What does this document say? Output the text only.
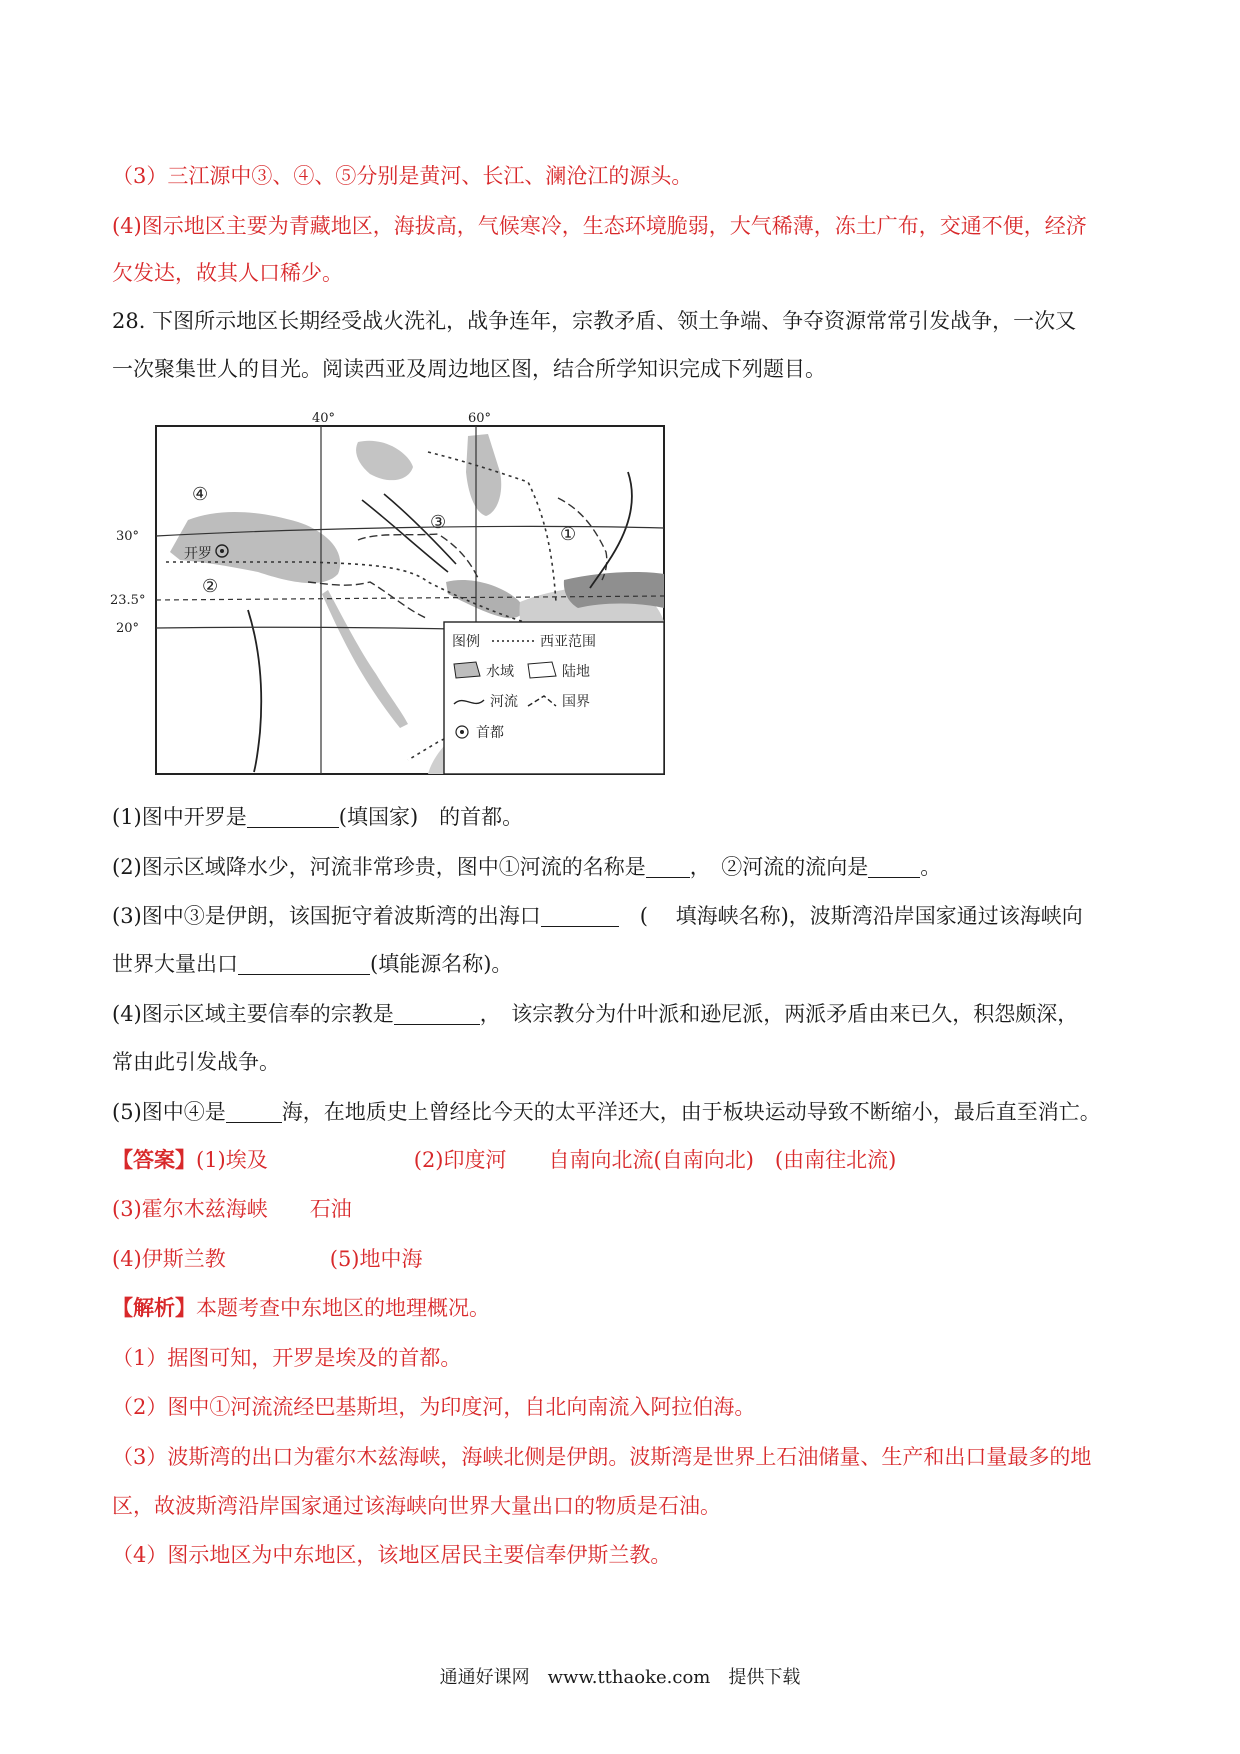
（3）三江源中③、④、⑤分别是黄河、长江、澜沧江的源头。
(4)图示地区主要为青藏地区，海拔高，气候寒冷，生态环境脆弱，大气稀薄，冻土广布，交通不便，经济
欠发达，故其人口稀少。
28. 下图所示地区长期经受战火洗礼，战争连年，宗教矛盾、领土争端、争夺资源常常引发战争，一次又
一次聚集世人的目光。阅读西亚及周边地区图，结合所学知识完成下列题目。
40°	60°
30°
23.5°
20°
开罗
①
②
③
④
图例	西亚范围
水域	陆地
河流	国界
首都
(1)图中开罗是	(填国家)　的首都。
(2)图示区域降水少，河流非常珍贵，图中①河流的名称是 ，　②河流的流向是 。
(3)图中③是伊朗，该国扼守着波斯湾的出海口	　(　 填海峡名称)，波斯湾沿岸国家通过该海峡向
世界大量出口	(填能源名称)。
(4)图示区域主要信奉的宗教是	，　该宗教分为什叶派和逊尼派，两派矛盾由来已久，积怨颇深，
常由此引发战争。
(5)图中④是	海，在地质史上曾经比今天的太平洋还大，由于板块运动导致不断缩小，最后直至消亡。
【答案】(1)埃及	(2)印度河　　自南向北流(自南向北)　(由南往北流)
(3)霍尔木兹海峡　　石油
(4)伊斯兰教	(5)地中海
【解析】本题考查中东地区的地理概况。
（1）据图可知，开罗是埃及的首都。
（2）图中①河流流经巴基斯坦，为印度河，自北向南流入阿拉伯海。
（3）波斯湾的出口为霍尔木兹海峡，海峡北侧是伊朗。波斯湾是世界上石油储量、生产和出口量最多的地
区，故波斯湾沿岸国家通过该海峡向世界大量出口的物质是石油。
（4）图示地区为中东地区，该地区居民主要信奉伊斯兰教。
通通好课网　www.tthaoke.com　提供下载
